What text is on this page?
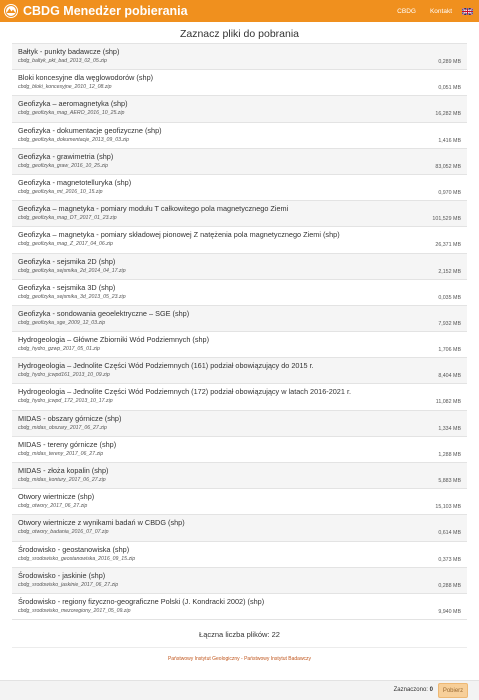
CBDG Menedżer pobierania	CBDG	Kontakt
Zaznacz pliki do pobrania
Bałtyk - punkty badawcze (shp)
cbdg_baltyk_pkt_bad_2013_02_05.zip	0,289 MB
Bloki koncesyjne dla węglowodorów (shp)
cbdg_bloki_koncesyjne_2010_12_08.zip	0,051 MB
Geofizyka – aeromagnetyka (shp)
cbdg_geofizyka_mag_AERO_2016_10_25.zip	16,282 MB
Geofizyka - dokumentacje geofizyczne (shp)
cbdg_geofizyka_dokumentacje_2013_09_03.zip	1,416 MB
Geofizyka - grawimetria (shp)
cbdg_geofizyka_graw_2016_10_25.zip	83,052 MB
Geofizyka - magnetotelluryka (shp)
cbdg_geofizyka_mt_2016_10_15.zip	0,970 MB
Geofizyka – magnetyka - pomiary modułu T całkowitego pola magnetycznego Ziemi
cbdg_geofizyka_mag_DT_2017_01_23.zip	101,529 MB
Geofizyka – magnetyka - pomiary składowej pionowej Z natężenia pola magnetycznego Ziemi (shp)
cbdg_geofizyka_mag_Z_2017_04_06.zip	26,371 MB
Geofizyka - sejsmika 2D (shp)
cbdg_geofizyka_sejsmika_2d_2014_04_17.zip	2,152 MB
Geofizyka - sejsmika 3D (shp)
cbdg_geofizyka_sejsmika_3d_2013_05_23.zip	0,035 MB
Geofizyka - sondowania geoelektryczne – SGE (shp)
cbdg_geofizyka_sge_2009_12_03.zip	7,932 MB
Hydrogeologia – Główne Zbiorniki Wód Podziemnych (shp)
cbdg_hydro_gzwp_2017_05_01.zip	1,706 MB
Hydrogeologia – Jednolite Części Wód Podziemnych (161) podział obowiązujący do 2015 r.
cbdg_hydro_jcwpd161_2013_10_09.zip	8,404 MB
Hydrogeologia – Jednolite Części Wód Podziemnych (172) podział obowiązujący w latach 2016-2021 r.
cbdg_hydro_jcwpd_172_2013_10_17.zip	11,082 MB
MIDAS - obszary górnicze (shp)
cbdg_midas_obszary_2017_06_27.zip	1,334 MB
MIDAS - tereny górnicze (shp)
cbdg_midas_tereny_2017_06_27.zip	1,288 MB
MIDAS - złoża kopalin (shp)
cbdg_midas_kontury_2017_06_27.zip	5,883 MB
Otwory wiertnicze (shp)
cbdg_otwory_2017_06_27.zip	15,103 MB
Otwory wiertnicze z wynikami badań w CBDG (shp)
cbdg_otwory_badania_2016_07_07.zip	0,614 MB
Środowisko - geostanowiska (shp)
cbdg_srodowisko_geostanowiska_2016_09_15.zip	0,373 MB
Środowisko - jaskinie (shp)
cbdg_srodowisko_jaskinie_2017_06_27.zip	0,288 MB
Środowisko - regiony fizyczno-geograficzne Polski (J. Kondracki 2002) (shp)
cbdg_srodowisko_mezoregiony_2017_05_09.zip	9,940 MB
Łączna liczba plików: 22
Państwowy Instytut Geologiczny - Państwowy Instytut Badawczy
Zaznaczono: 0	Pobierz
